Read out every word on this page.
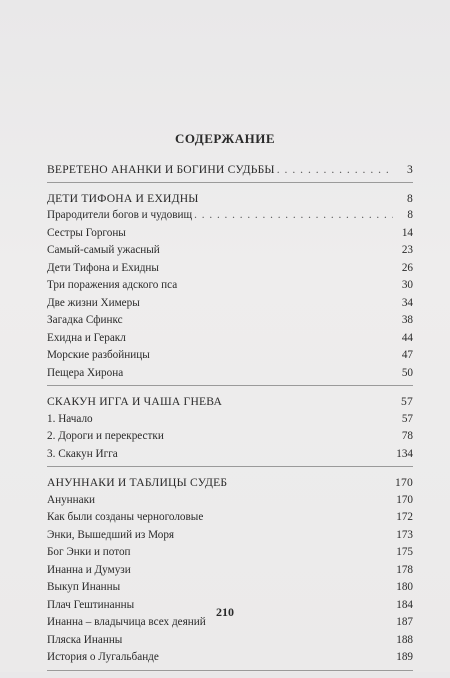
СОДЕРЖАНИЕ
ВЕРЕТЕНО АНАНКИ И БОГИНИ СУДЬБЫ . . .	3
ДЕТИ ТИФОНА И ЕХИДНЫ	8
Прародители богов и чудовищ . . .	8
Сестры Горгоны	14
Самый-самый ужасный	23
Дети Тифона и Ехидны	26
Три поражения адского пса	30
Две жизни Химеры	34
Загадка Сфинкс	38
Ехидна и Геракл	44
Морские разбойницы	47
Пещера Хирона	50
СКАКУН ИГГА И ЧАША ГНЕВА	57
1. Начало	57
2. Дороги и перекрестки	78
3. Скакун Игга	134
АНУННАКИ И ТАБЛИЦЫ СУДЕБ	170
Ануннаки	170
Как были созданы черноголовые	172
Энки, Вышедший из Моря	173
Бог Энки и потоп	175
Инанна и Думузи	178
Выкуп Инанны	180
Плач Гештинанны	184
Инанна – владычица всех деяний	187
Пляска Инанны	188
История о Лугальбанде	189
210
